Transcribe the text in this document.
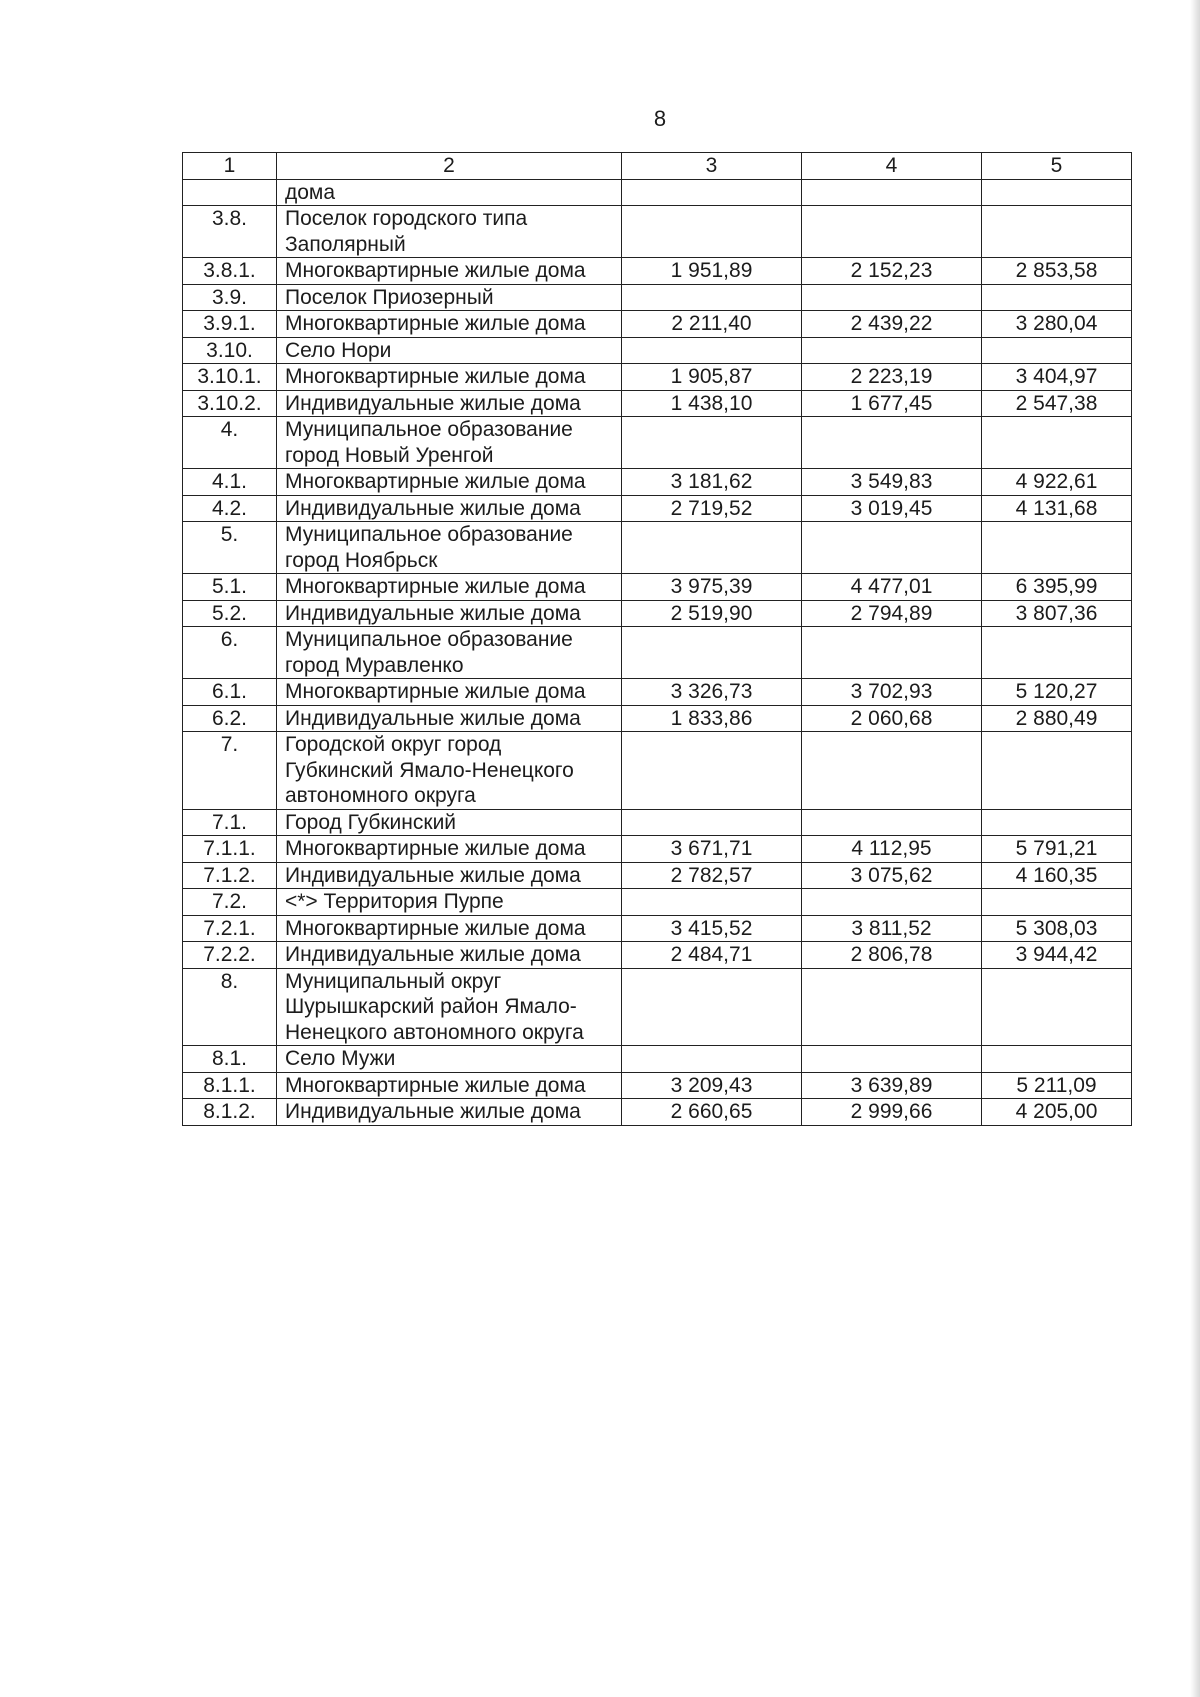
8
1	2	3	4	5
	дома			
3.8.	Поселок городского типа Заполярный			
3.8.1.	Многоквартирные жилые дома	1 951,89	2 152,23	2 853,58
3.9.	Поселок Приозерный			
3.9.1.	Многоквартирные жилые дома	2 211,40	2 439,22	3 280,04
3.10.	Село Нори			
3.10.1.	Многоквартирные жилые дома	1 905,87	2 223,19	3 404,97
3.10.2.	Индивидуальные жилые дома	1 438,10	1 677,45	2 547,38
4.	Муниципальное образование город Новый Уренгой			
4.1.	Многоквартирные жилые дома	3 181,62	3 549,83	4 922,61
4.2.	Индивидуальные жилые дома	2 719,52	3 019,45	4 131,68
5.	Муниципальное образование город Ноябрьск			
5.1.	Многоквартирные жилые дома	3 975,39	4 477,01	6 395,99
5.2.	Индивидуальные жилые дома	2 519,90	2 794,89	3 807,36
6.	Муниципальное образование город Муравленко			
6.1.	Многоквартирные жилые дома	3 326,73	3 702,93	5 120,27
6.2.	Индивидуальные жилые дома	1 833,86	2 060,68	2 880,49
7.	Городской округ город Губкинский Ямало-Ненецкого автономного округа			
7.1.	Город Губкинский			
7.1.1.	Многоквартирные жилые дома	3 671,71	4 112,95	5 791,21
7.1.2.	Индивидуальные жилые дома	2 782,57	3 075,62	4 160,35
7.2.	<*> Территория Пурпе			
7.2.1.	Многоквартирные жилые дома	3 415,52	3 811,52	5 308,03
7.2.2.	Индивидуальные жилые дома	2 484,71	2 806,78	3 944,42
8.	Муниципальный округ Шурышкарский район Ямало-Ненецкого автономного округа			
8.1.	Село Мужи			
8.1.1.	Многоквартирные жилые дома	3 209,43	3 639,89	5 211,09
8.1.2.	Индивидуальные жилые дома	2 660,65	2 999,66	4 205,00
